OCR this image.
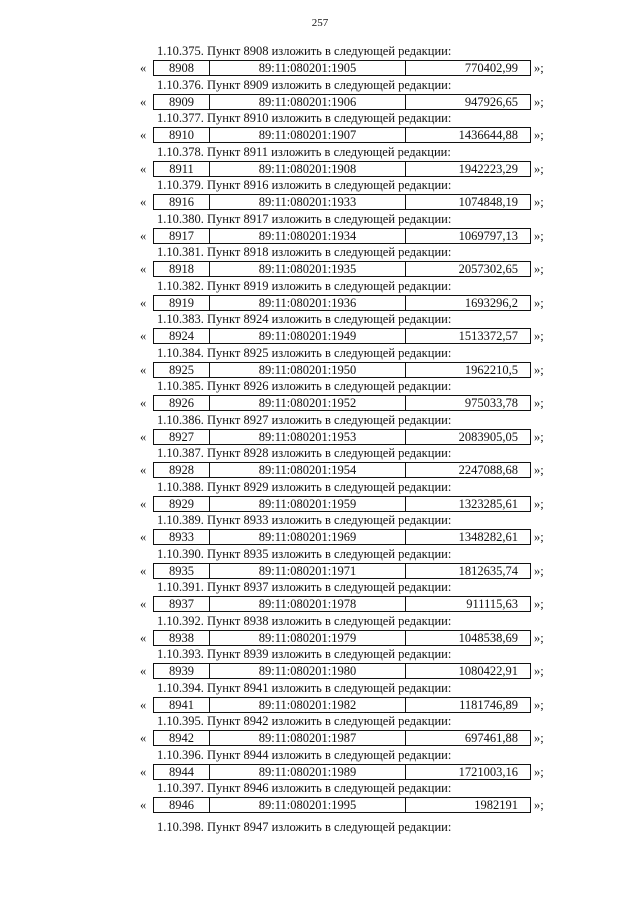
257
1.10.375. Пункт 8908 изложить в следующей редакции:
«	8908	89:11:080201:1905	770402,99	»;
1.10.376. Пункт 8909 изложить в следующей редакции:
«	8909	89:11:080201:1906	947926,65	»;
1.10.377. Пункт 8910 изложить в следующей редакции:
«	8910	89:11:080201:1907	1436644,88	»;
1.10.378. Пункт 8911 изложить в следующей редакции:
«	8911	89:11:080201:1908	1942223,29	»;
1.10.379. Пункт 8916 изложить в следующей редакции:
«	8916	89:11:080201:1933	1074848,19	»;
1.10.380. Пункт 8917 изложить в следующей редакции:
«	8917	89:11:080201:1934	1069797,13	»;
1.10.381. Пункт 8918 изложить в следующей редакции:
«	8918	89:11:080201:1935	2057302,65	»;
1.10.382. Пункт 8919 изложить в следующей редакции:
«	8919	89:11:080201:1936	1693296,2	»;
1.10.383. Пункт 8924 изложить в следующей редакции:
«	8924	89:11:080201:1949	1513372,57	»;
1.10.384. Пункт 8925 изложить в следующей редакции:
«	8925	89:11:080201:1950	1962210,5	»;
1.10.385. Пункт 8926 изложить в следующей редакции:
«	8926	89:11:080201:1952	975033,78	»;
1.10.386. Пункт 8927 изложить в следующей редакции:
«	8927	89:11:080201:1953	2083905,05	»;
1.10.387. Пункт 8928 изложить в следующей редакции:
«	8928	89:11:080201:1954	2247088,68	»;
1.10.388. Пункт 8929 изложить в следующей редакции:
«	8929	89:11:080201:1959	1323285,61	»;
1.10.389. Пункт 8933 изложить в следующей редакции:
«	8933	89:11:080201:1969	1348282,61	»;
1.10.390. Пункт 8935 изложить в следующей редакции:
«	8935	89:11:080201:1971	1812635,74	»;
1.10.391. Пункт 8937 изложить в следующей редакции:
«	8937	89:11:080201:1978	911115,63	»;
1.10.392. Пункт 8938 изложить в следующей редакции:
«	8938	89:11:080201:1979	1048538,69	»;
1.10.393. Пункт 8939 изложить в следующей редакции:
«	8939	89:11:080201:1980	1080422,91	»;
1.10.394. Пункт 8941 изложить в следующей редакции:
«	8941	89:11:080201:1982	1181746,89	»;
1.10.395. Пункт 8942 изложить в следующей редакции:
«	8942	89:11:080201:1987	697461,88	»;
1.10.396. Пункт 8944 изложить в следующей редакции:
«	8944	89:11:080201:1989	1721003,16	»;
1.10.397. Пункт 8946 изложить в следующей редакции:
«	8946	89:11:080201:1995	1982191	»;
1.10.398. Пункт 8947 изложить в следующей редакции:
